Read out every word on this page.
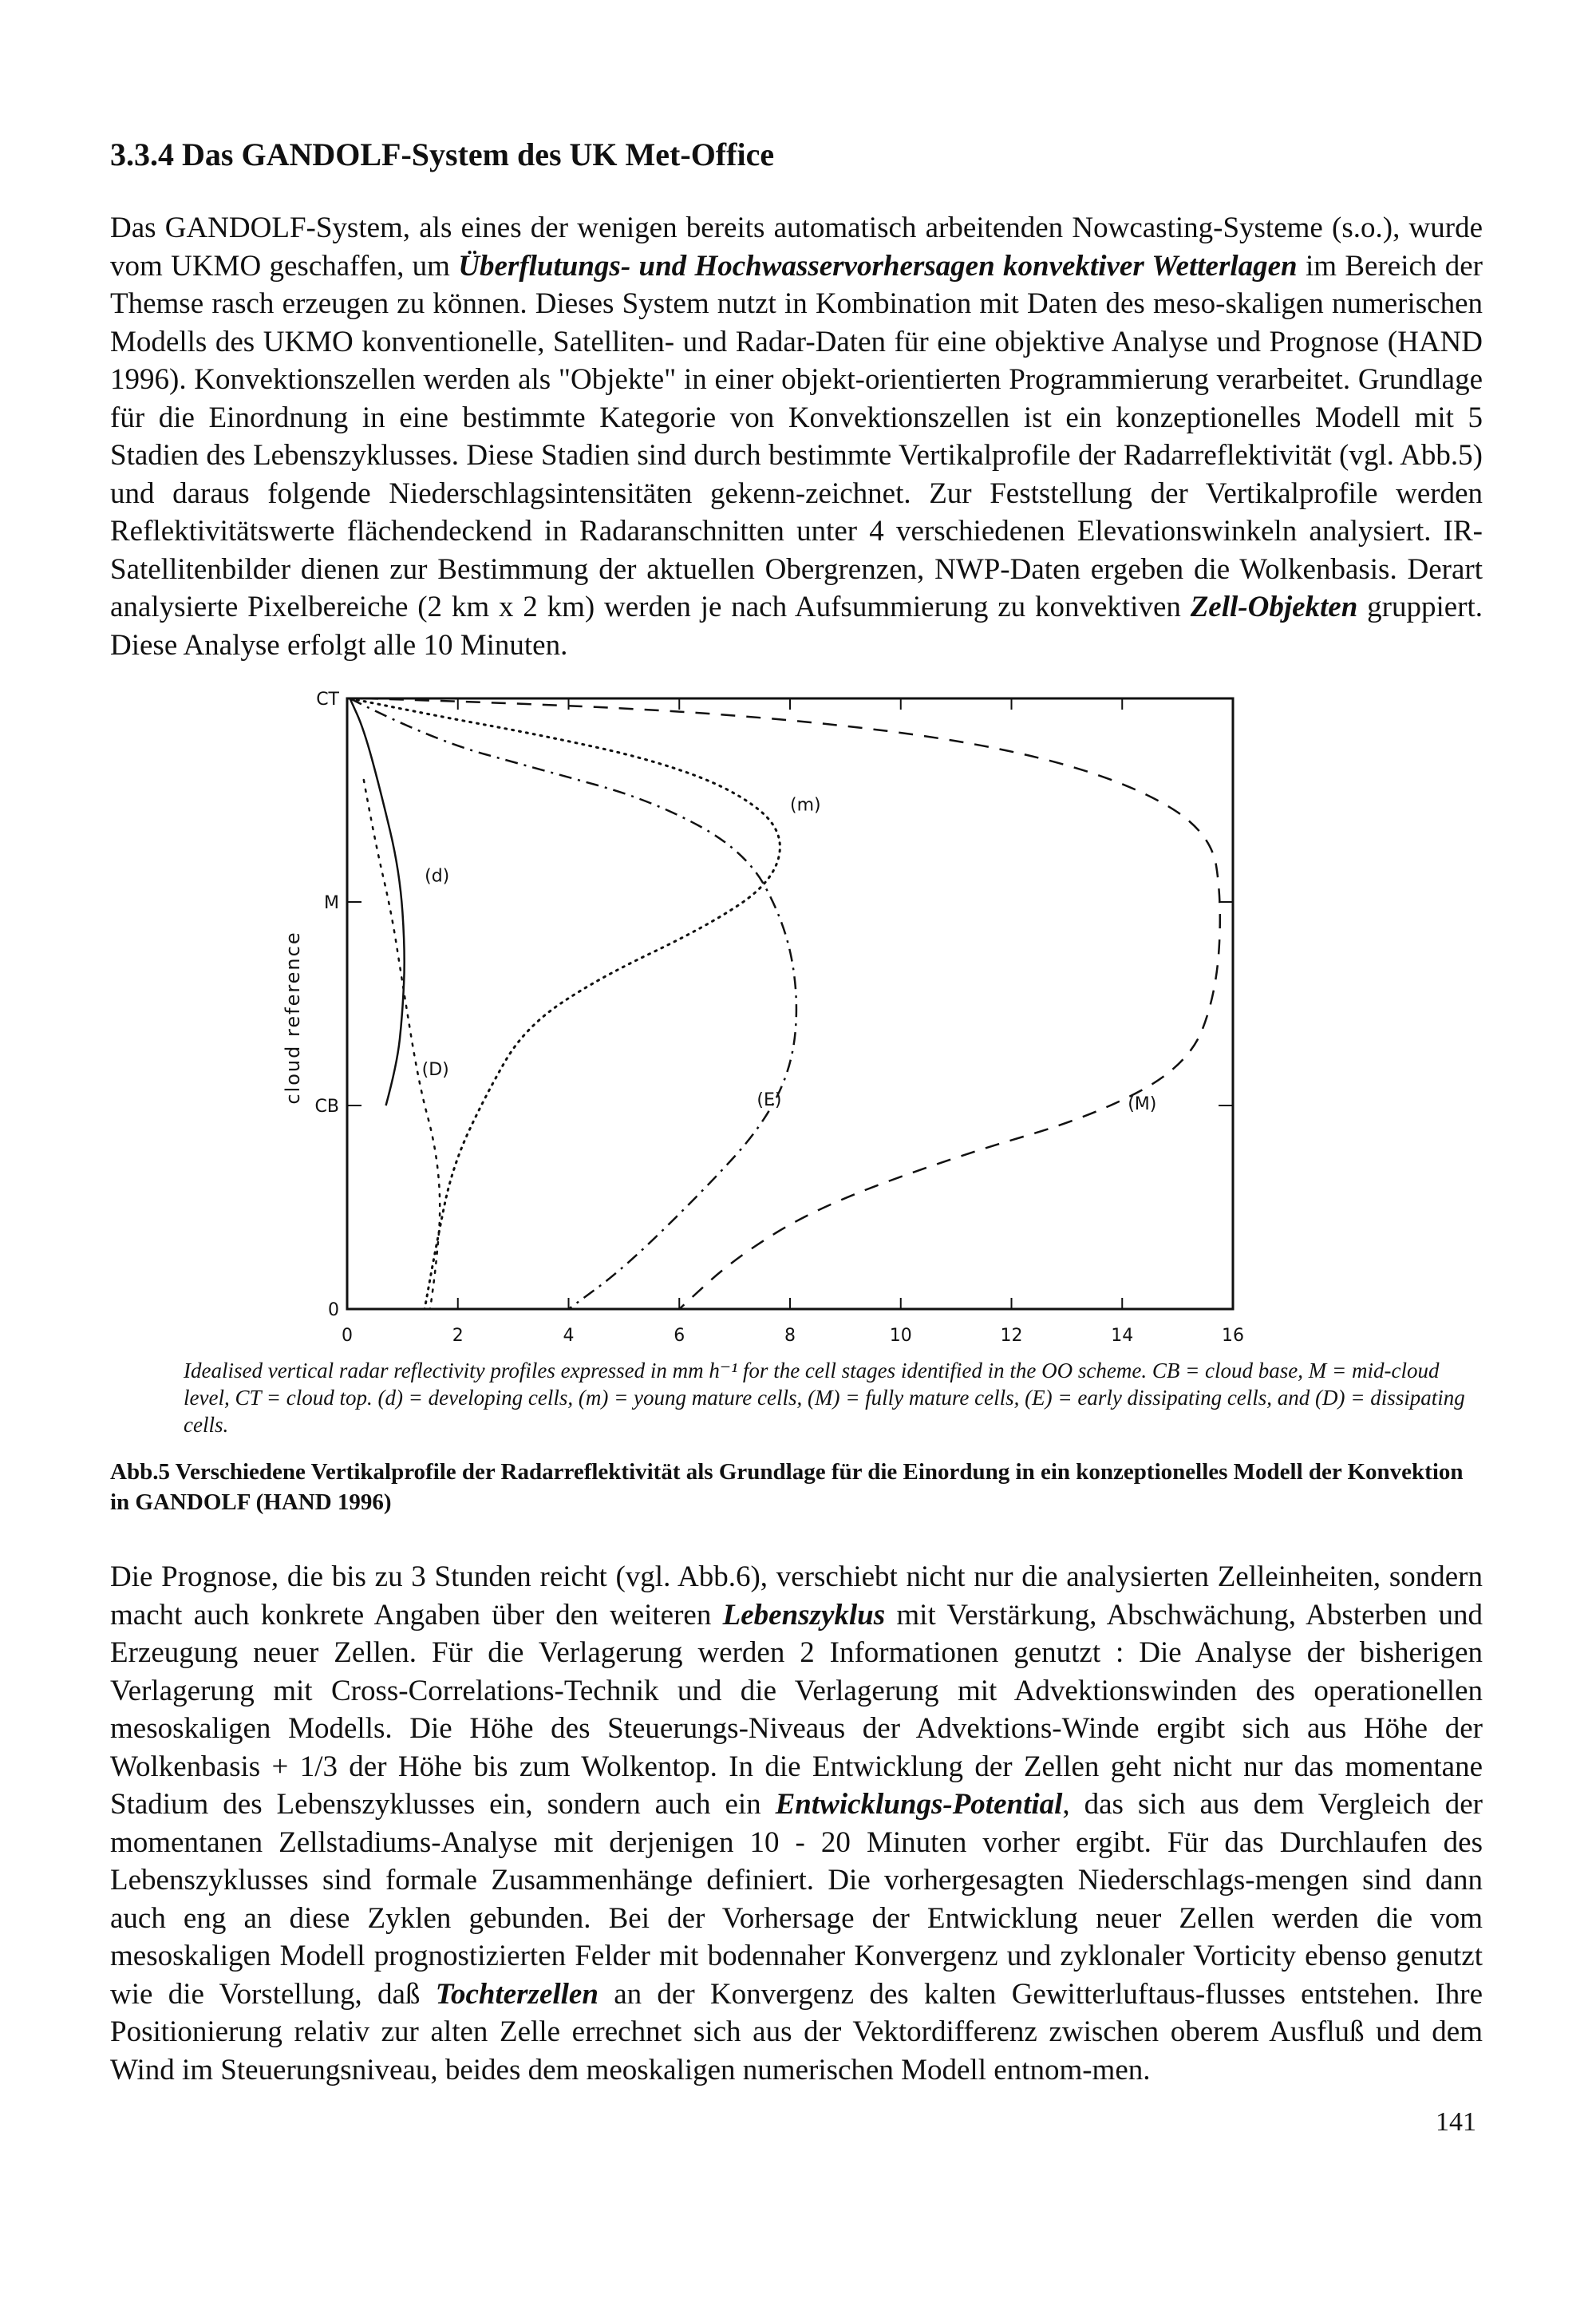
3.3.4 Das GANDOLF-System des UK Met-Office

Das GANDOLF-System, als eines der wenigen bereits automatisch arbeitenden Nowcasting-Systeme (s.o.), wurde vom UKMO geschaffen, um Überflutungs- und Hochwasservorhersagen konvektiver Wetterlagen im Bereich der Themse rasch erzeugen zu können. Dieses System nutzt in Kombination mit Daten des meso-skaligen numerischen Modells des UKMO konventionelle, Satelliten- und Radar-Daten für eine objektive Analyse und Prognose (HAND 1996). Konvektionszellen werden als "Objekte" in einer objekt-orientierten Programmierung verarbeitet. Grundlage für die Einordnung in eine bestimmte Kategorie von Konvektionszellen ist ein konzeptionelles Modell mit 5 Stadien des Lebenszyklusses. Diese Stadien sind durch bestimmte Vertikalprofile der Radarreflektivität (vgl. Abb.5) und daraus folgende Niederschlagsintensitäten gekenn-zeichnet. Zur Feststellung der Vertikalprofile werden Reflektivitätswerte flächendeckend in Radaranschnitten unter 4 verschiedenen Elevationswinkeln analysiert. IR-Satellitenbilder dienen zur Bestimmung der aktuellen Obergrenzen, NWP-Daten ergeben die Wolkenbasis. Derart analysierte Pixelbereiche (2 km x 2 km) werden je nach Aufsummierung zu konvektiven Zell-Objekten gruppiert. Diese Analyse erfolgt alle 10 Minuten.

0	2	4	6	8	10	12	14	16
0
CB
M
CT
(d)
(m)
(D)
(E)	(M)
cloud reference

Idealised vertical radar reflectivity profiles expressed in mm h⁻¹ for the cell stages identified in the OO scheme. CB = cloud base, M = mid-cloud level, CT = cloud top. (d) = developing cells, (m) = young mature cells, (M) = fully mature cells, (E) = early dissipating cells, and (D) = dissipating cells.

Abb.5 Verschiedene Vertikalprofile der Radarreflektivität als Grundlage für die Einordung in ein konzeptionelles Modell der Konvektion in GANDOLF (HAND 1996)

Die Prognose, die bis zu 3 Stunden reicht (vgl. Abb.6), verschiebt nicht nur die analysierten Zelleinheiten, sondern macht auch konkrete Angaben über den weiteren Lebenszyklus mit Verstärkung, Abschwächung, Absterben und Erzeugung neuer Zellen. Für die Verlagerung werden 2 Informationen genutzt : Die Analyse der bisherigen Verlagerung mit Cross-Correlations-Technik und die Verlagerung mit Advektionswinden des operationellen mesoskaligen Modells. Die Höhe des Steuerungs-Niveaus der Advektions-Winde ergibt sich aus Höhe der Wolkenbasis + 1/3 der Höhe bis zum Wolkentop. In die Entwicklung der Zellen geht nicht nur das momentane Stadium des Lebenszyklusses ein, sondern auch ein Entwicklungs-Potential, das sich aus dem Vergleich der momentanen Zellstadiums-Analyse mit derjenigen 10 - 20 Minuten vorher ergibt. Für das Durchlaufen des Lebenszyklusses sind formale Zusammenhänge definiert. Die vorhergesagten Niederschlags-mengen sind dann auch eng an diese Zyklen gebunden. Bei der Vorhersage der Entwicklung neuer Zellen werden die vom mesoskaligen Modell prognostizierten Felder mit bodennaher Konvergenz und zyklonaler Vorticity ebenso genutzt wie die Vorstellung, daß Tochterzellen an der Konvergenz des kalten Gewitterluftaus-flusses entstehen. Ihre Positionierung relativ zur alten Zelle errechnet sich aus der Vektordifferenz zwischen oberem Ausfluß und dem Wind im Steuerungsniveau, beides dem meoskaligen numerischen Modell entnom-men.

141
